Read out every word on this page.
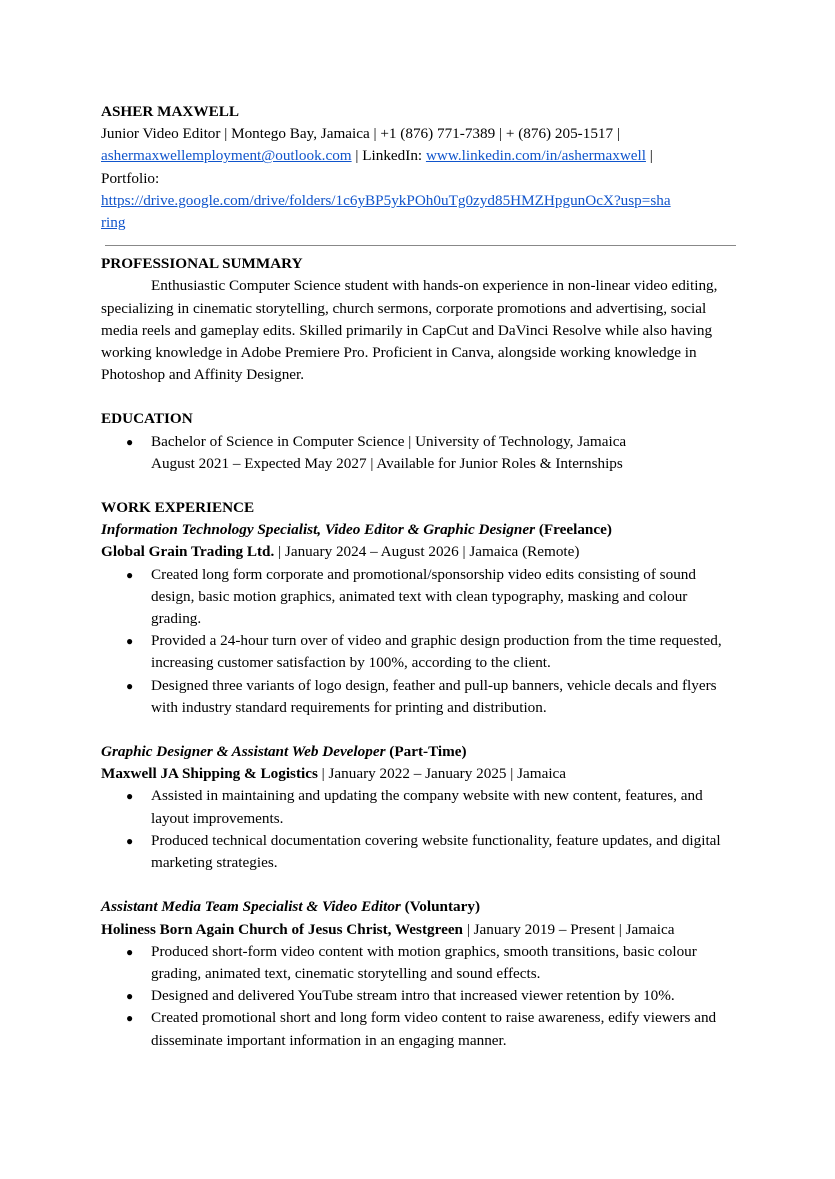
ASHER MAXWELL

Junior Video Editor | Montego Bay, Jamaica | +1 (876) 771-7389 | + (876) 205-1517 |

ashermaxwellemployment@outlook.com | LinkedIn: www.linkedin.com/in/ashermaxwell |

Portfolio:

https://drive.google.com/drive/folders/1c6yBP5ykPOh0uTg0zyd85HMZHpgunOcX?usp=sha
ring

PROFESSIONAL SUMMARY

Enthusiastic Computer Science student with hands-on experience in non-linear video editing, specializing in cinematic storytelling, church sermons, corporate promotions and advertising, social media reels and gameplay edits. Skilled primarily in CapCut and DaVinci Resolve while also having working knowledge in Adobe Premiere Pro. Proficient in Canva, alongside working knowledge in Photoshop and Affinity Designer.

EDUCATION

● Bachelor of Science in Computer Science | University of Technology, Jamaica
August 2021 – Expected May 2027 | Available for Junior Roles & Internships

WORK EXPERIENCE

Information Technology Specialist, Video Editor & Graphic Designer (Freelance)

Global Grain Trading Ltd. | January 2024 – August 2026 | Jamaica (Remote)

● Created long form corporate and promotional/sponsorship video edits consisting of sound design, basic motion graphics, animated text with clean typography, masking and colour grading.
● Provided a 24-hour turn over of video and graphic design production from the time requested, increasing customer satisfaction by 100%, according to the client.
● Designed three variants of logo design, feather and pull-up banners, vehicle decals and flyers with industry standard requirements for printing and distribution.

Graphic Designer & Assistant Web Developer (Part-Time)

Maxwell JA Shipping & Logistics | January 2022 – January 2025 | Jamaica

● Assisted in maintaining and updating the company website with new content, features, and layout improvements.
● Produced technical documentation covering website functionality, feature updates, and digital marketing strategies.

Assistant Media Team Specialist & Video Editor (Voluntary)

Holiness Born Again Church of Jesus Christ, Westgreen | January 2019 – Present | Jamaica

● Produced short-form video content with motion graphics, smooth transitions, basic colour grading, animated text, cinematic storytelling and sound effects.
● Designed and delivered YouTube stream intro that increased viewer retention by 10%.
● Created promotional short and long form video content to raise awareness, edify viewers and disseminate important information in an engaging manner.
